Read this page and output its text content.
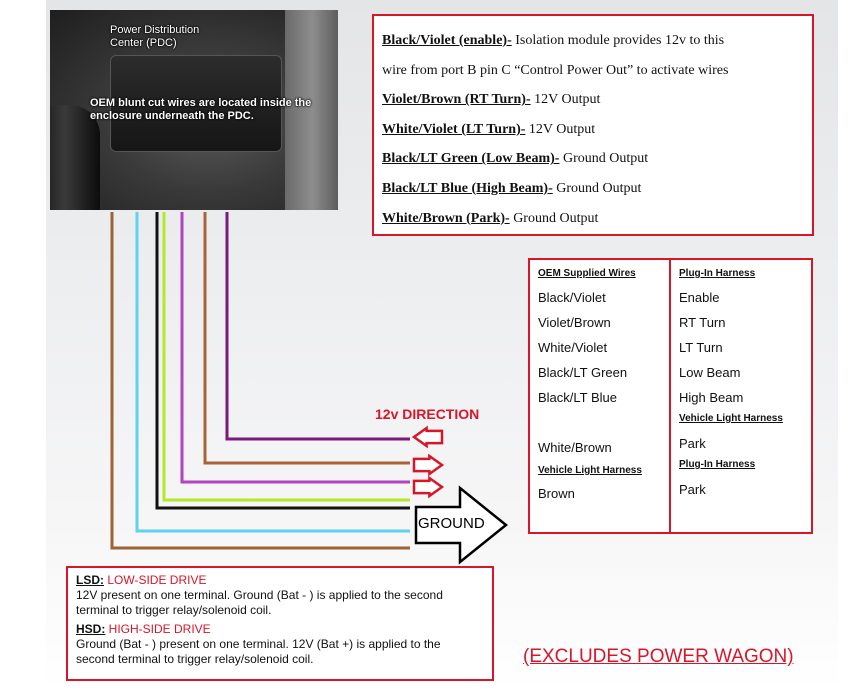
Power Distribution Center (PDC)
OEM blunt cut wires are located inside the enclosure underneath the PDC.
Black/Violet (enable)- Isolation module provides 12v to this
wire from port B pin C “Control Power Out” to activate wires
Violet/Brown (RT Turn)- 12V Output
White/Violet (LT Turn)- 12V Output
Black/LT Green (Low Beam)- Ground Output
Black/LT Blue (High Beam)- Ground Output
White/Brown (Park)- Ground Output
OEM Supplied Wires
Black/Violet
Violet/Brown
White/Violet
Black/LT Green
Black/LT Blue
White/Brown
Vehicle Light Harness
Brown
Plug-In Harness
Enable
RT Turn
LT Turn
Low Beam
High Beam
Vehicle Light Harness
Park
Plug-In Harness
Park
12v DIRECTION
GROUND
LSD: LOW-SIDE DRIVE
12V present on one terminal. Ground (Bat - ) is applied to the second
terminal to trigger relay/solenoid coil.
HSD: HIGH-SIDE DRIVE
Ground (Bat - ) present on one terminal. 12V (Bat +) is applied to the
second terminal to trigger relay/solenoid coil.	(EXCLUDES POWER WAGON)
